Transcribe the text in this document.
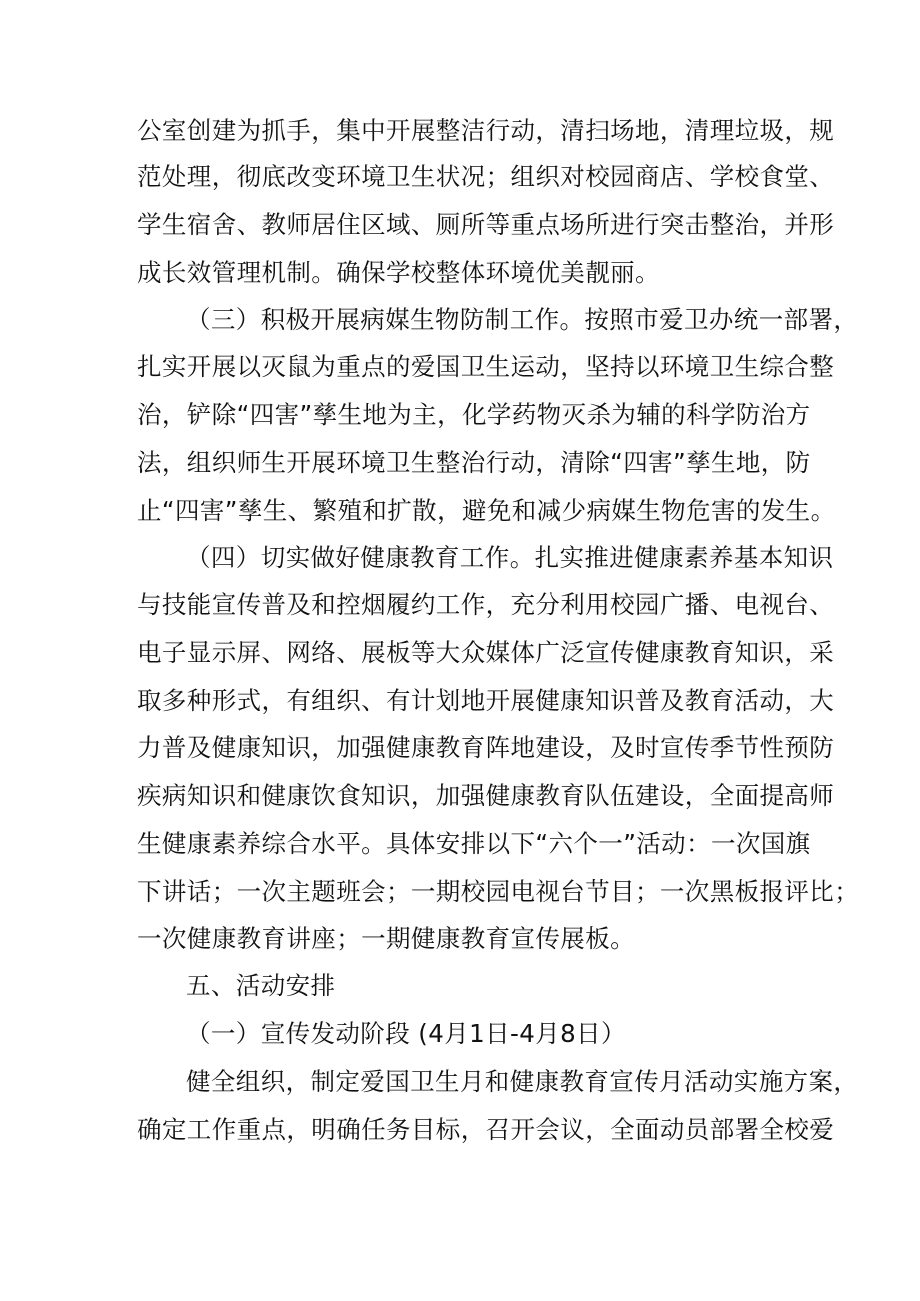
公室创建为抓手，集中开展整洁行动，清扫场地，清理垃圾，规
范处理，彻底改变环境卫生状况；组织对校园商店、学校食堂、
学生宿舍、教师居住区域、厕所等重点场所进行突击整治，并形
成长效管理机制。确保学校整体环境优美靓丽。
（三）积极开展病媒生物防制工作。按照市爱卫办统一部署，
扎实开展以灭鼠为重点的爱国卫生运动，坚持以环境卫生综合整
治，铲除“四害”孳生地为主，化学药物灭杀为辅的科学防治方
法，组织师生开展环境卫生整治行动，清除“四害”孳生地，防
止“四害”孳生、繁殖和扩散，避免和减少病媒生物危害的发生。
（四）切实做好健康教育工作。扎实推进健康素养基本知识
与技能宣传普及和控烟履约工作，充分利用校园广播、电视台、
电子显示屏、网络、展板等大众媒体广泛宣传健康教育知识，采
取多种形式，有组织、有计划地开展健康知识普及教育活动，大
力普及健康知识，加强健康教育阵地建设，及时宣传季节性预防
疾病知识和健康饮食知识，加强健康教育队伍建设，全面提高师
生健康素养综合水平。具体安排以下“六个一”活动：一次国旗
下讲话；一次主题班会；一期校园电视台节目；一次黑板报评比；
一次健康教育讲座；一期健康教育宣传展板。
五、活动安排
（一）宣传发动阶段 (4月1日-4月8日）
健全组织，制定爱国卫生月和健康教育宣传月活动实施方案，
确定工作重点，明确任务目标，召开会议，全面动员部署全校爱
